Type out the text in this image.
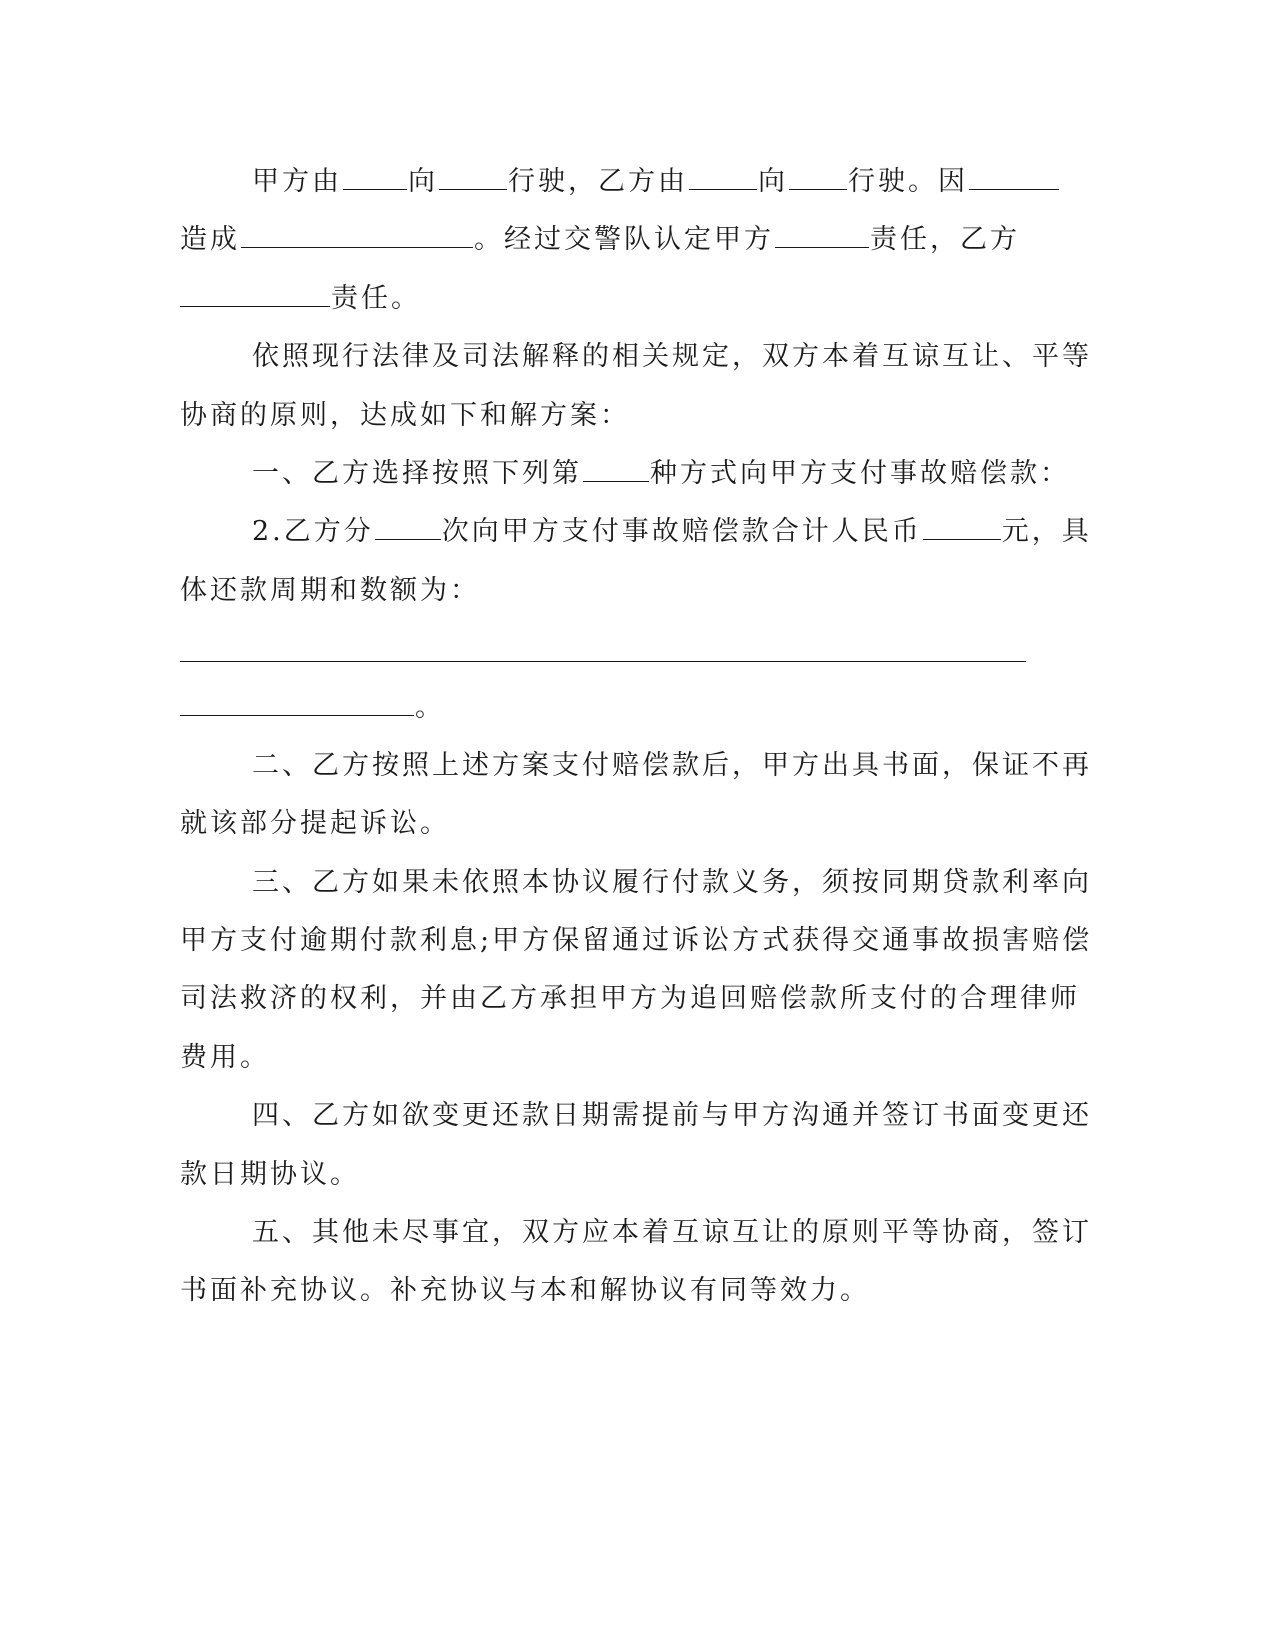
甲方由 向	行驶，乙方由	向 行驶。因
造成	。经过交警队认定甲方	责任，乙方
责任。
依照现行法律及司法解释的相关规定，双方本着互谅互让、平等
协商的原则，达成如下和解方案：
一、乙方选择按照下列第	种方式向甲方支付事故赔偿款：
2.乙方分	次向甲方支付事故赔偿款合计人民币	元，具
体还款周期和数额为：
。
二、乙方按照上述方案支付赔偿款后，甲方出具书面，保证不再
就该部分提起诉讼。
三、乙方如果未依照本协议履行付款义务，须按同期贷款利率向
甲方支付逾期付款利息;甲方保留通过诉讼方式获得交通事故损害赔偿
司法救济的权利，并由乙方承担甲方为追回赔偿款所支付的合理律师
费用。
四、乙方如欲变更还款日期需提前与甲方沟通并签订书面变更还
款日期协议。
五、其他未尽事宜，双方应本着互谅互让的原则平等协商，签订
书面补充协议。补充协议与本和解协议有同等效力。
